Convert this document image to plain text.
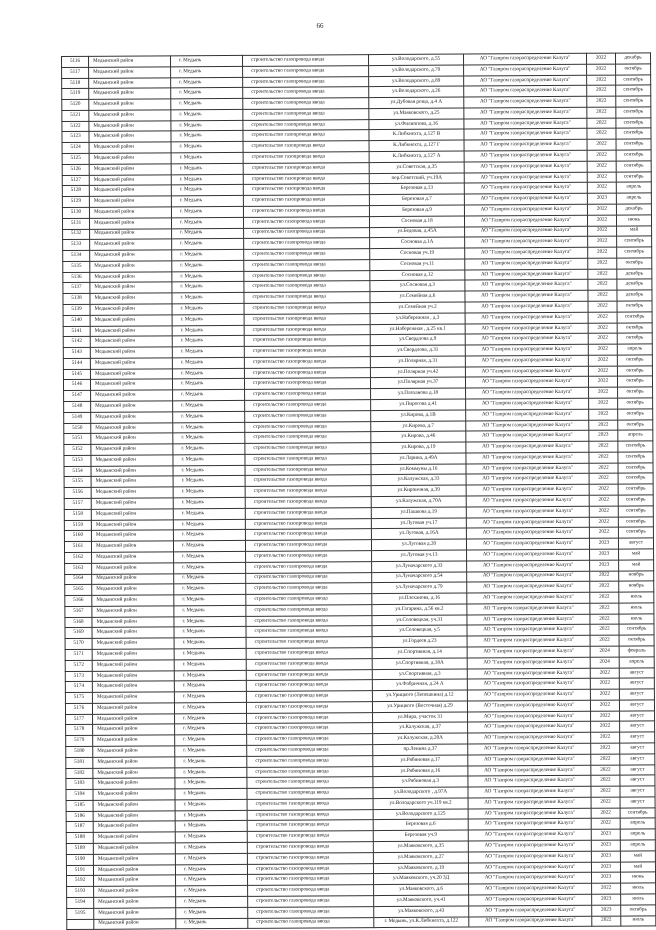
66
5116	Медынский район	г. Медынь	строительство газопровода ввода	ул.Володарского, д.55	АО "Газпром газораспределение Калуга"	2022	декабрь
5117	Медынский район	г. Медынь	строительство газопровода ввода	ул.Володарского, д.70	АО "Газпром газораспределение Калуга"	2022	октябрь
5118	Медынский район	г. Медынь	строительство газопровода ввода	ул.Володарского, д.89	АО "Газпром газораспределение Калуга"	2022	сентябрь
5119	Медынский район	г. Медынь	строительство газопровода ввода	ул.Володарского, д.26	АО "Газпром газораспределение Калуга"	2022	сентябрь
5120	Медынский район	г. Медынь	строительство газопровода ввода	ул.Дубовая роща, д.4 А	АО "Газпром газораспределение Калуга"	2022	сентябрь
5121	Медынский район	г. Медынь	строительство газопровода ввода	ул.Маяковского, д.25	АО "Газпром газораспределение Калуга"	2022	сентябрь
5122	Медынский район	г. Медынь	строительство газопровода ввода	ул.Филиппова, д.16	АО "Газпром газораспределение Калуга"	2022	сентябрь
5123	Медынский район	г. Медынь	строительство газопровода ввода	К.Либкнехта, д.127 В	АО "Газпром газораспределение Калуга"	2022	сентябрь
5124	Медынский район	г. Медынь	строительство газопровода ввода	К.Либкнехта, д.127 Г	АО "Газпром газораспределение Калуга"	2022	сентябрь
5125	Медынский район	г. Медынь	строительство газопровода ввода	К.Либкнехта, д.127 А	АО "Газпром газораспределение Калуга"	2022	сентябрь
5126	Медынский район	г. Медынь	строительство газопровода ввода	ул.Советская, д.35	АО "Газпром газораспределение Калуга"	2022	сентябрь
5127	Медынский район	г. Медынь	строительство газопровода ввода	пер.Советский, уч.19А	АО "Газпром газораспределение Калуга"	2022	сентябрь
5128	Медынский район	г. Медынь	строительство газопровода ввода	Березовая д.13	АО "Газпром газораспределение Калуга"	2022	апрель
5129	Медынский район	г. Медынь	строительство газопровода ввода	Березовая д.7	АО "Газпром газораспределение Калуга"	2023	апрель
5130	Медынский район	г. Медынь	строительство газопровода ввода	Березовая д.9	АО "Газпром газораспределение Калуга"	2022	декабрь
5131	Медынский район	г. Медынь	строительство газопровода ввода	Сосновая д.18	АО "Газпром газораспределение Калуга"	2022	июнь
5132	Медынский район	г. Медынь	строительство газопровода ввода	ул.Бедовая, д.45А	АО "Газпром газораспределение Калуга"	2022	май
5133	Медынский район	г. Медынь	строительство газопровода ввода	Сосновая д.1А	АО "Газпром газораспределение Калуга"	2022	сентябрь
5134	Медынский район	г. Медынь	строительство газопровода ввода	Сосновая уч.19	АО "Газпром газораспределение Калуга"	2022	сентябрь
5135	Медынский район	г. Медынь	строительство газопровода ввода	Сосновая уч.11	АО "Газпром газораспределение Калуга"	2022	октябрь
5136	Медынский район	г. Медынь	строительство газопровода ввода	Сосновая д.12	АО "Газпром газораспределение Калуга"	2022	декабрь
5137	Медынский район	г. Медынь	строительство газопровода ввода	ул.Сосновая д.3	АО "Газпром газораспределение Калуга"	2022	декабрь
5138	Медынский район	г. Медынь	строительство газопровода ввода	ул.Семейная д.6	АО "Газпром газораспределение Калуга"	2022	декабрь
5139	Медынский район	г. Медынь	строительство газопровода ввода	ул.Семейная уч.2	АО "Газпром газораспределение Калуга"	2022	октябрь
5140	Медынский район	г. Медынь	строительство газопровода ввода	ул.Набережная , д.3	АО "Газпром газораспределение Калуга"	2022	сентябрь
5141	Медынский район	г. Медынь	строительство газопровода ввода	ул.Набережная , д.25 кв.1	АО "Газпром газораспределение Калуга"	2022	октябрь
5142	Медынский район	г. Медынь	строительство газопровода ввода	ул.Свердлова д.9	АО "Газпром газораспределение Калуга"	2022	октябрь
5143	Медынский район	г. Медынь	строительство газопровода ввода	ул.Свердлова, д.31	АО "Газпром газораспределение Калуга"	2022	апрель
5144	Медынский район	г. Медынь	строительство газопровода ввода	ул.Полярная, д.31	АО "Газпром газораспределение Калуга"	2022	октябрь
5145	Медынский район	г. Медынь	строительство газопровода ввода	ул.Полярная уч.42	АО "Газпром газораспределение Калуга"	2022	октябрь
5146	Медынский район	г. Медынь	строительство газопровода ввода	ул.Полярная уч.37	АО "Газпром газораспределение Калуга"	2022	октябрь
5147	Медынский район	г. Медынь	строительство газопровода ввода	ул.Плеханова д.18	АО "Газпром газораспределение Калуга"	2022	октябрь
5148	Медынский район	г. Медынь	строительство газопровода ввода	ул.Пирогова д.41	АО "Газпром газораспределение Калуга"	2022	октябрь
5149	Медынский район	г. Медынь	строительство газопровода ввода	ул.Кирова, д.1В	АО "Газпром газораспределение Калуга"	2022	октябрь
5150	Медынский район	г. Медынь	строительство газопровода ввода	ул.Кирова, д.7	АО "Газпром газораспределение Калуга"	2022	октябрь
5151	Медынский район	г. Медынь	строительство газопровода ввода	ул.Кирова, д.46	АО "Газпром газораспределение Калуга"	2023	апрель
5152	Медынский район	г. Медынь	строительство газопровода ввода	ул.Кирова, д.19	АО "Газпром газораспределение Калуга"	2022	сентябрь
5153	Медынский район	г. Медынь	строительство газопровода ввода	ул.Ларина, д.49А	АО "Газпром газораспределение Калуга"	2022	сентябрь
5154	Медынский район	г. Медынь	строительство газопровода ввода	ул.Коммуны д.16	АО "Газпром газораспределение Калуга"	2022	сентябрь
5155	Медынский район	г. Медынь	строительство газопровода ввода	ул.Калужская, д.33	АО "Газпром газораспределение Калуга"	2022	сентябрь
5156	Медынский район	г. Медынь	строительство газопровода ввода	ул.Кирпичная, д.39	АО "Газпром газораспределение Калуга"	2022	сентябрь
5157	Медынский район	г. Медынь	строительство газопровода ввода	ул.Калужская, д.70А	АО "Газпром газораспределение Калуга"	2022	сентябрь
5158	Медынский район	г. Медынь	строительство газопровода ввода	ул.Пашкова д.19	АО "Газпром газораспределение Калуга"	2022	сентябрь
5159	Медынский район	г. Медынь	строительство газопровода ввода	ул.Луговая уч.17	АО "Газпром газораспределение Калуга"	2022	сентябрь
5160	Медынский район	г. Медынь	строительство газопровода ввода	ул.Луговая, д.16А	АО "Газпром газораспределение Калуга"	2022	сентябрь
5161	Медынский район	г. Медынь	строительство газопровода ввода	ул.Луговая д.20	АО "Газпром газораспределение Калуга"	2023	август
5162	Медынский район	г. Медынь	строительство газопровода ввода	ул.Луговая уч.13	АО "Газпром газораспределение Калуга"	2023	май
5163	Медынский район	г. Медынь	строительство газопровода ввода	ул.Луначарского д.33	АО "Газпром газораспределение Калуга"	2023	май
5164	Медынский район	г. Медынь	строительство газопровода ввода	ул.Луначарского д.54	АО "Газпром газораспределение Калуга"	2022	ноябрь
5165	Медынский район	г. Медынь	строительство газопровода ввода	ул.Луначарского д.79	АО "Газпром газораспределение Калуга"	2022	ноябрь
5166	Медынский район	г. Медынь	строительство газопровода ввода	ул.Плеханова, д.16	АО "Газпром газораспределение Калуга"	2022	июль
5167	Медынский район	г. Медынь	строительство газопровода ввода	ул.Гагарина, д.56 кв.2	АО "Газпром газораспределение Калуга"	2022	июль
5168	Медынский район	г. Медынь	строительство газопровода ввода	ул.Соловецкая, уч.31	АО "Газпром газораспределение Калуга"	2022	июль
5169	Медынский район	г. Медынь	строительство газопровода ввода	ул.Соловецкая, у.5	АО "Газпром газораспределение Калуга"	2022	сентябрь
5170	Медынский район	г. Медынь	строительство газопровода ввода	ул.Гордеев д.23	АО "Газпром газораспределение Калуга"	2022	октябрь
5171	Медынский район	г. Медынь	строительство газопровода ввода	ул.Спортивная, д.14	АО "Газпром газораспределение Калуга"	2024	февраль
5172	Медынский район	г. Медынь	строительство газопровода ввода	ул.Спортивная, д.18А	АО "Газпром газораспределение Калуга"	2024	апрель
5173	Медынский район	г. Медынь	строительство газопровода ввода	ул.Спортивная, д.3	АО "Газпром газораспределение Калуга"	2022	август
5174	Медынский район	г. Медынь	строительство газопровода ввода	ул.Фабричная, д.24 А	АО "Газпром газораспределение Калуга"	2022	август
5175	Медынский район	г. Медынь	строительство газопровода ввода	ул.Урицкого (Лепешкина) д.12	АО "Газпром газораспределение Калуга"	2022	август
5176	Медынский район	г. Медынь	строительство газопровода ввода	ул.Урицкого (Восточная) д.29	АО "Газпром газораспределение Калуга"	2022	август
5177	Медынский район	г. Медынь	строительство газопровода ввода	ул.Мира, участок 31	АО "Газпром газораспределение Калуга"	2022	август
5178	Медынский район	г. Медынь	строительство газопровода ввода	ул.Калужская, д.37	АО "Газпром газораспределение Калуга"	2022	август
5179	Медынский район	г. Медынь	строительство газопровода ввода	ул.Калужская, д.20А	АО "Газпром газораспределение Калуга"	2022	август
5180	Медынский район	г. Медынь	строительство газопровода ввода	пр.Ленина д.37	АО "Газпром газораспределение Калуга"	2022	август
5181	Медынский район	г. Медынь	строительство газопровода ввода	ул.Рябиновая д.17	АО "Газпром газораспределение Калуга"	2022	август
5182	Медынский район	г. Медынь	строительство газопровода ввода	ул.Рябиновая д.16	АО "Газпром газораспределение Калуга"	2022	август
5183	Медынский район	г. Медынь	строительство газопровода ввода	ул.Рябиновая д.3	АО "Газпром газораспределение Калуга"	2022	август
5184	Медынский район	г. Медынь	строительство газопровода ввода	ул.Володарского , д.97А	АО "Газпром газораспределение Калуга"	2022	август
5185	Медынский район	г. Медынь	строительство газопровода ввода	ул.Володарского уч.119 кв.2	АО "Газпром газораспределение Калуга"	2022	август
5186	Медынский район	г. Медынь	строительство газопровода ввода	ул.Володарского д.125	АО "Газпром газораспределение Калуга"	2022	сентябрь
5187	Медынский район	г. Медынь	строительство газопровода ввода	Березовая д.6	АО "Газпром газораспределение Калуга"	2022	апрель
5188	Медынский район	г. Медынь	строительство газопровода ввода	Березовая уч.9	АО "Газпром газораспределение Калуга"	2023	апрель
5189	Медынский район	г. Медынь	строительство газопровода ввода	ул.Маяковского, д.35	АО "Газпром газораспределение Калуга"	2023	апрель
5190	Медынский район	г. Медынь	строительство газопровода ввода	ул.Маяковского, д.27	АО "Газпром газораспределение Калуга"	2023	май
5191	Медынский район	г. Медынь	строительство газопровода ввода	ул.Маяковского, д.19	АО "Газпром газораспределение Калуга"	2023	май
5192	Медынский район	г. Медынь	строительство газопровода ввода	ул.Маяковского, уч.20 3Д	АО "Газпром газораспределение Калуга"	2023	июнь
5193	Медынский район	г. Медынь	строительство газопровода ввода	ул.Маяковского, д.6	АО "Газпром газораспределение Калуга"	2022	июль
5194	Медынский район	г. Медынь	строительство газопровода ввода	ул.Маяковского, уч.41	АО "Газпром газораспределение Калуга"	2023	июль
5195	Медынский район	г. Медынь	строительство газопровода ввода	ул.Маяковского, д.43	АО "Газпром газораспределение Калуга"	2023	октябрь
	Медынский район	г. Медынь	строительство газопровода ввода	г. Медынь, ул.К.Либкнехта, д.122	АО "Газпром газораспределение Калуга"	2022	июль
